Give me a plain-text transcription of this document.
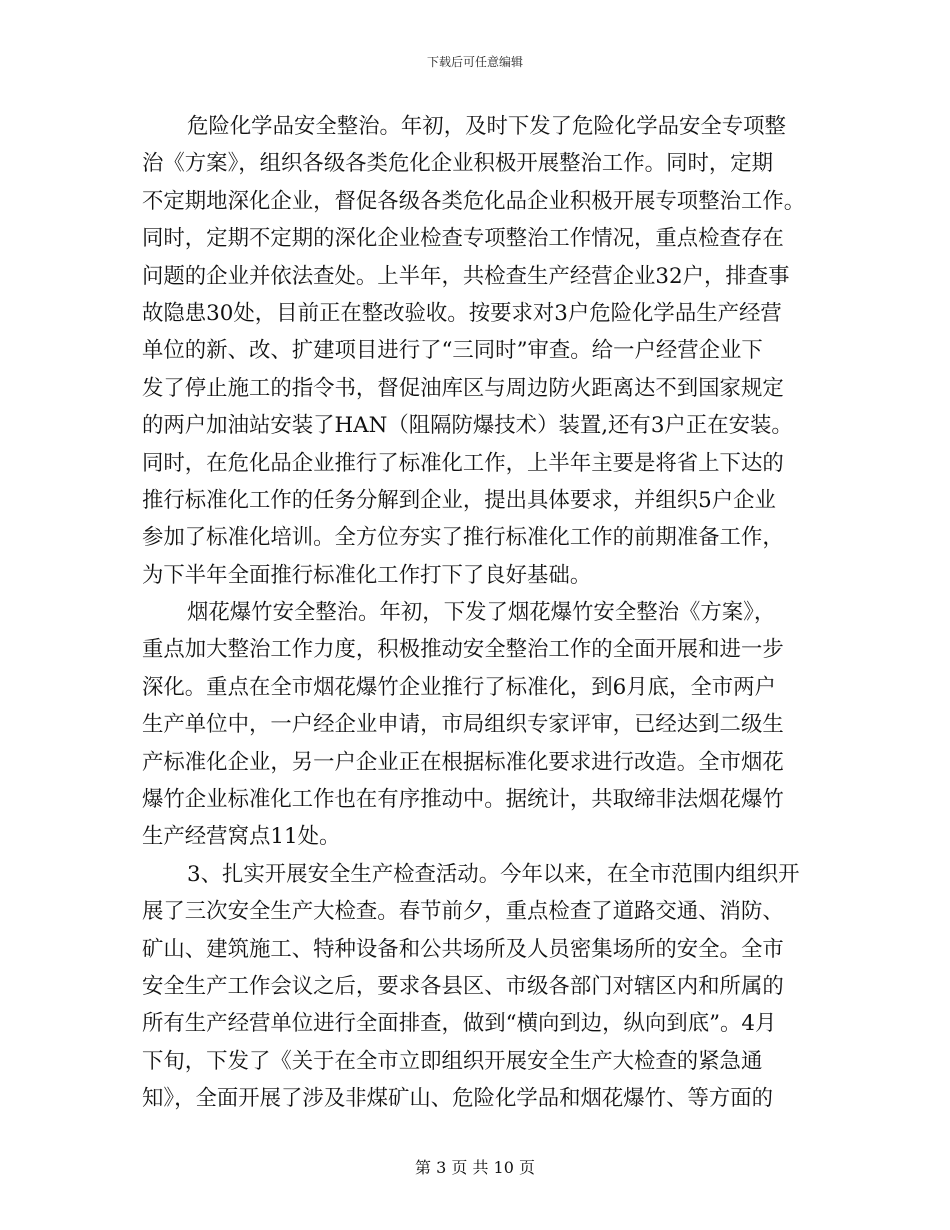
下载后可任意编辑
危险化学品安全整治。年初，及时下发了危险化学品安全专项整
治《方案》，组织各级各类危化企业积极开展整治工作。同时，定期
不定期地深化企业，督促各级各类危化品企业积极开展专项整治工作。
同时，定期不定期的深化企业检查专项整治工作情况，重点检查存在
问题的企业并依法查处。上半年，共检查生产经营企业32户，排查事
故隐患30处，目前正在整改验收。按要求对3户危险化学品生产经营
单位的新、改、扩建项目进行了“三同时”审查。给一户经营企业下
发了停止施工的指令书，督促油库区与周边防火距离达不到国家规定
的两户加油站安装了HAN（阻隔防爆技术）装置,还有3户正在安装。
同时，在危化品企业推行了标准化工作，上半年主要是将省上下达的
推行标准化工作的任务分解到企业，提出具体要求，并组织5户企业
参加了标准化培训。全方位夯实了推行标准化工作的前期准备工作，
为下半年全面推行标准化工作打下了良好基础。
烟花爆竹安全整治。年初，下发了烟花爆竹安全整治《方案》，
重点加大整治工作力度，积极推动安全整治工作的全面开展和进一步
深化。重点在全市烟花爆竹企业推行了标准化，到6月底，全市两户
生产单位中，一户经企业申请，市局组织专家评审，已经达到二级生
产标准化企业，另一户企业正在根据标准化要求进行改造。全市烟花
爆竹企业标准化工作也在有序推动中。据统计，共取缔非法烟花爆竹
生产经营窝点11处。
3、扎实开展安全生产检查活动。今年以来，在全市范围内组织开
展了三次安全生产大检查。春节前夕，重点检查了道路交通、消防、
矿山、建筑施工、特种设备和公共场所及人员密集场所的安全。全市
安全生产工作会议之后，要求各县区、市级各部门对辖区内和所属的
所有生产经营单位进行全面排查，做到“横向到边，纵向到底”。4月
下旬，下发了《关于在全市立即组织开展安全生产大检查的紧急通
知》，全面开展了涉及非煤矿山、危险化学品和烟花爆竹、等方面的
第 3 页 共 10 页
